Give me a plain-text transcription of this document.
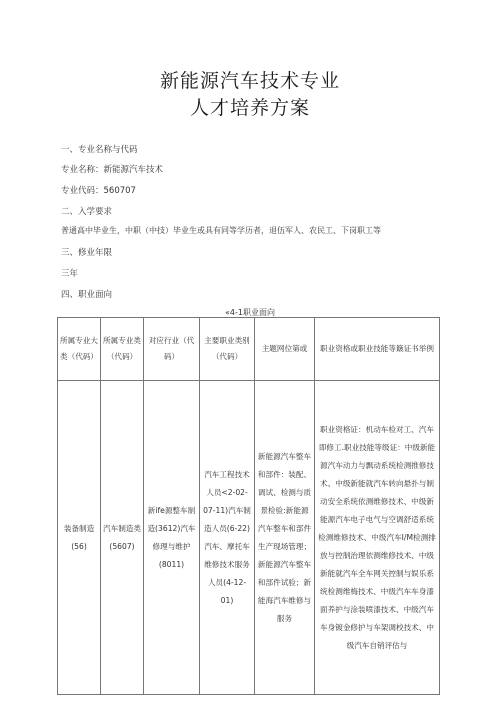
新能源汽车技术专业
人才培养方案
一、专业名称与代码
专业名称：新能源汽车技术
专业代码：560707
二、入学要求
普通高中毕业生，中职（中技）毕业生或具有同等学历者，退伍军人、农民工、下岗职工等
三、修业年限
三年
四、职业面向
«4-1职业面向
所属专业大类（代码）	所属专业类（代码）	对应行业（代码）	主要职业类别（代码）	主题网位第或	职业资格或职业技能等簸证书举例
装备制造(56)	汽车制造类(5607)	新ife源整车制造(3612)汽车修理与维护(8011)	汽车工程技术人员<2-02-07-11)汽车制造人员(6-22)汽车、摩托车维修技术服务人员(4-12-01)	新能源汽车整车和部件：装配、调试、检测与质景检验:新能源汽车整车和部件生产现场管理；新能源汽车整车和部件试验；新能海汽车维修与服务	职业资格证：机动车检对工、汽车即修工.职业技能等级证：中级新能源汽车动力与飘动系统检测推修技术、中级新能就汽车转向悬扑与制动安全系统依测维修技术、中级新能源汽车电子电气与空调舒适系统检测维修技术、中级汽车I/M检测排放与控制治理依测维修技术、中级新能就汽车全车网关控制与娱乐系统检测维梅技术、中级汽车车身漆面养护与涂装喷漆技术、中级汽车车身镀金修护与车架调校技术、中级汽车自销评估与
